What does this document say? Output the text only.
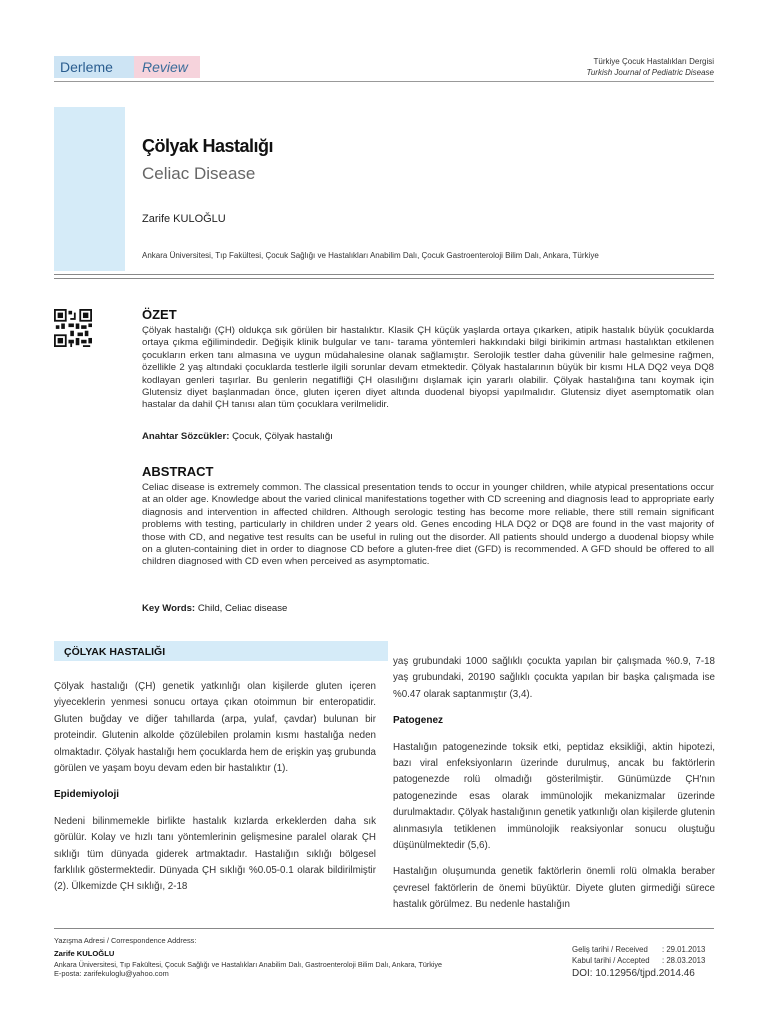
Derleme	Review	Türkiye Çocuk Hastalıkları Dergisi
Turkish Journal of Pediatric Disease
Çölyak Hastalığı
Celiac Disease
Zarife KULOĞLU
Ankara Üniversitesi, Tıp Fakültesi, Çocuk Sağlığı ve Hastalıkları Anabilim Dalı, Çocuk Gastroenteroloji Bilim Dalı, Ankara, Türkiye
ÖZET
Çölyak hastalığı (ÇH) oldukça sık görülen bir hastalıktır. Klasik ÇH küçük yaşlarda ortaya çıkarken, atipik hastalık büyük çocuklarda ortaya çıkma eğilimindedir. Değişik klinik bulgular ve tanı- tarama yöntemleri hakkındaki bilgi birikimin artması hastalıktan etkilenen çocukların erken tanı almasına ve uygun müdahalesine olanak sağlamıştır. Serolojik testler daha güvenilir hale gelmesine rağmen, özellikle 2 yaş altındaki çocuklarda testlerle ilgili sorunlar devam etmektedir. Çölyak hastalarının büyük bir kısmı HLA DQ2 veya DQ8 kodlayan genleri taşırlar. Bu genlerin negatifliği ÇH olasılığını dışlamak için yararlı olabilir. Çölyak hastalığına tanı koymak için Glutensiz diyet başlanmadan önce, gluten içeren diyet altında duodenal biyopsi yapılmalıdır. Glutensiz diyet asemptomatik olan hastalar da dahil ÇH tanısı alan tüm çocuklara verilmelidir.
Anahtar Sözcükler: Çocuk, Çölyak hastalığı
ABSTRACT
Celiac disease is extremely common. The classical presentation tends to occur in younger children, while atypical presentations occur at an older age. Knowledge about the varied clinical manifestations together with CD screening and diagnosis lead to appropriate early diagnosis and intervention in affected children. Although serologic testing has become more reliable, there still remain significant problems with testing, particularly in children under 2 years old. Genes encoding HLA DQ2 or DQ8 are found in the vast majority of those with CD, and negative test results can be useful in ruling out the disorder. All patients should undergo a duodenal biopsy while on a gluten-containing diet in order to diagnose CD before a gluten-free diet (GFD) is recommended. A GFD should be offered to all children diagnosed with CD even when perceived as asymptomatic.
Key Words: Child, Celiac disease
ÇÖLYAK HASTALIĞI

Çölyak hastalığı (ÇH) genetik yatkınlığı olan kişilerde gluten içeren yiyeceklerin yenmesi sonucu ortaya çıkan otoimmun bir enteropatidir. Gluten buğday ve diğer tahıllarda (arpa, yulaf, çavdar) bulunan bir proteindir. Glutenin alkolde çözülebilen prolamin kısmı hastalığa neden olmaktadır. Çölyak hastalığı hem çocuklarda hem de erişkin yaş grubunda görülen ve yaşam boyu devam eden bir hastalıktır (1).

Epidemiyoloji

Nedeni bilinmemekle birlikte hastalık kızlarda erkeklerden daha sık görülür. Kolay ve hızlı tanı yöntemlerinin gelişmesine paralel olarak ÇH sıklığı tüm dünyada giderek artmaktadır. Hastalığın sıklığı bölgesel farklılık göstermektedir. Dünyada ÇH sıklığı %0.05-0.1 olarak bildirilmiştir (2). Ülkemizde ÇH sıklığı, 2-18

yaş grubundaki 1000 sağlıklı çocukta yapılan bir çalışmada %0.9, 7-18 yaş grubundaki, 20190 sağlıklı çocukta yapılan bir başka çalışmada ise %0.47 olarak saptanmıştır (3,4).

Patogenez

Hastalığın patogenezinde toksik etki, peptidaz eksikliği, aktin hipotezi, bazı viral enfeksiyonların üzerinde durulmuş, ancak bu faktörlerin patogenezde rolü olmadığı gösterilmiştir. Günümüzde ÇH'nın patogenezinde esas olarak immünolojik mekanizmalar üzerinde durulmaktadır. Çölyak hastalığının genetik yatkınlığı olan kişilerde glutenin alınmasıyla tetiklenen immünolojik reaksiyonlar sonucu oluştuğu düşünülmektedir (5,6).

Hastalığın oluşumunda genetik faktörlerin önemli rolü olmakla beraber çevresel faktörlerin de önemi büyüktür. Diyete gluten girmediği sürece hastalık görülmez. Bu nedenle hastalığın

Yazışma Adresi / Correspondence Address:
Zarife KULOĞLU
Ankara Üniversitesi, Tıp Fakültesi, Çocuk Sağlığı ve Hastalıkları Anabilim Dalı, Gastroenteroloji Bilim Dalı, Ankara, Türkiye
E-posta: zarifekuloglu@yahoo.com
Geliş tarihi / Received : 29.01.2013
Kabul tarihi / Accepted : 28.03.2013
DOI: 10.12956/tjpd.2014.46
